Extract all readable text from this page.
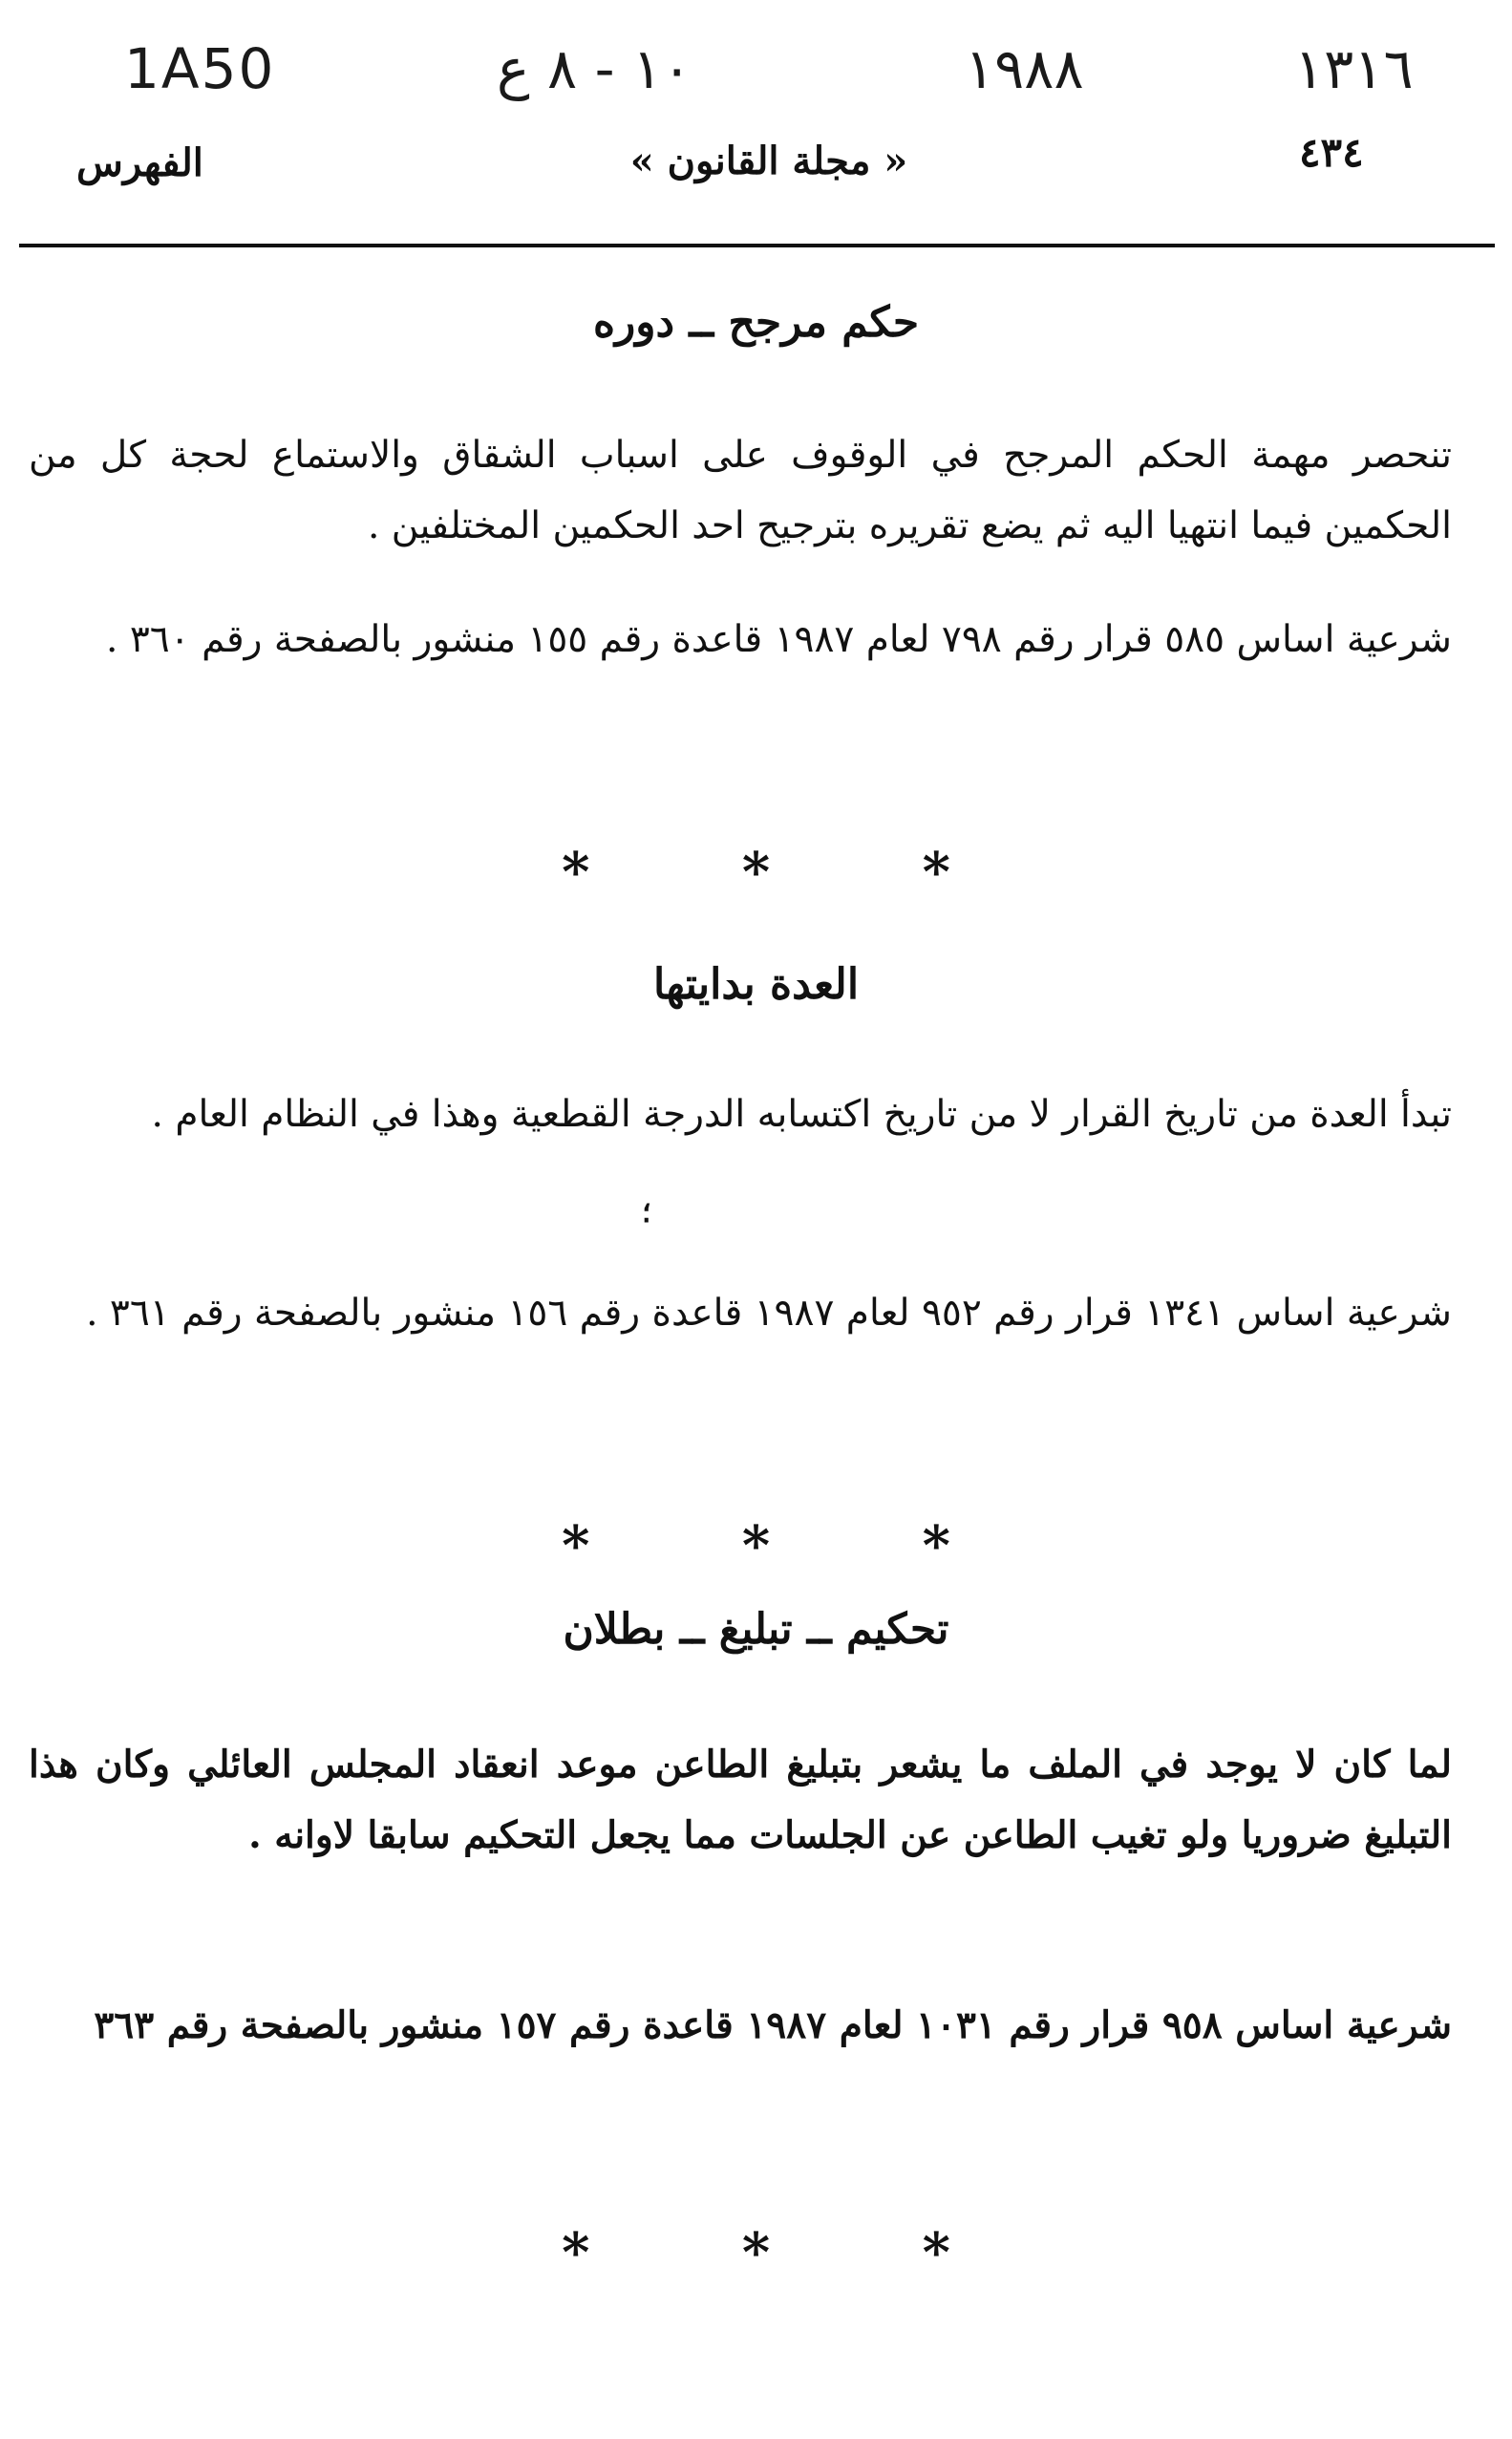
1A50	١٠ - ٨ ع	١٩٨٨	١٣١٦
٤٣٤
« مجلة القانون »
الفهرس
حكم مرجح ــ دوره
تنحصر مهمة الحكم المرجح في الوقوف على اسباب الشقاق والاستماع لحجة كل من الحكمين فيما انتهيا اليه ثم يضع تقريره بترجيح احد الحكمين المختلفين .
شرعية اساس ٥٨٥ قرار رقم ٧٩٨ لعام ١٩٨٧ قاعدة رقم ١٥٥ منشور بالصفحة رقم ٣٦٠ .
* * *
العدة بدايتها
تبدأ العدة من تاريخ القرار لا من تاريخ اكتسابه الدرجة القطعية وهذا في النظام العام .
؛
شرعية اساس ١٣٤١ قرار رقم ٩٥٢ لعام ١٩٨٧ قاعدة رقم ١٥٦ منشور بالصفحة رقم ٣٦١ .
* * *
تحكيم ــ تبليغ ــ بطلان
لما كان لا يوجد في الملف ما يشعر بتبليغ الطاعن موعد انعقاد المجلس العائلي وكان هذا التبليغ ضروريا ولو تغيب الطاعن عن الجلسات مما يجعل التحكيم سابقا لاوانه .
شرعية اساس ٩٥٨ قرار رقم ١٠٣١ لعام ١٩٨٧ قاعدة رقم ١٥٧ منشور بالصفحة رقم ٣٦٣
* * *
